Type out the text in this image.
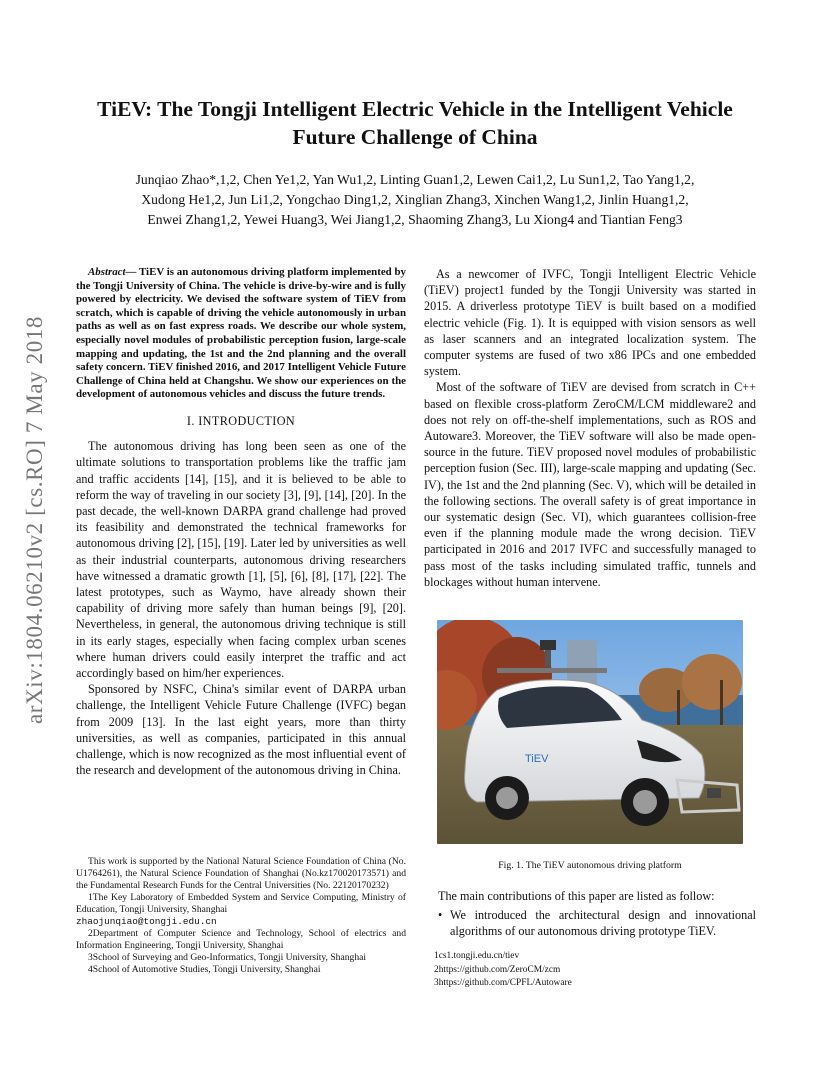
arXiv:1804.06210v2 [cs.RO] 7 May 2018
TiEV: The Tongji Intelligent Electric Vehicle in the Intelligent Vehicle Future Challenge of China
Junqiao Zhao*,1,2, Chen Ye1,2, Yan Wu1,2, Linting Guan1,2, Lewen Cai1,2, Lu Sun1,2, Tao Yang1,2,
Xudong He1,2, Jun Li1,2, Yongchao Ding1,2, Xinglian Zhang3, Xinchen Wang1,2, Jinlin Huang1,2,
Enwei Zhang1,2, Yewei Huang3, Wei Jiang1,2, Shaoming Zhang3, Lu Xiong4 and Tiantian Feng3

Abstract— TiEV is an autonomous driving platform implemented by the Tongji University of China. The vehicle is drive-by-wire and is fully powered by electricity. We devised the software system of TiEV from scratch, which is capable of driving the vehicle autonomously in urban paths as well as on fast express roads. We describe our whole system, especially novel modules of probabilistic perception fusion, large-scale mapping and updating, the 1st and the 2nd planning and the overall safety concern. TiEV finished 2016, and 2017 Intelligent Vehicle Future Challenge of China held at Changshu. We show our experiences on the development of autonomous vehicles and discuss the future trends.

I. INTRODUCTION

The autonomous driving has long been seen as one of the ultimate solutions to transportation problems like the traffic jam and traffic accidents [14], [15], and it is believed to be able to reform the way of traveling in our society [3], [9], [14], [20]. In the past decade, the well-known DARPA grand challenge had proved its feasibility and demonstrated the technical frameworks for autonomous driving [2], [15], [19]. Later led by universities as well as their industrial counterparts, autonomous driving researchers have witnessed a dramatic growth [1], [5], [6], [8], [17], [22]. The latest prototypes, such as Waymo, have already shown their capability of driving more safely than human beings [9], [20]. Nevertheless, in general, the autonomous driving technique is still in its early stages, especially when facing complex urban scenes where human drivers could easily interpret the traffic and act accordingly based on him/her experiences.

Sponsored by NSFC, China's similar event of DARPA urban challenge, the Intelligent Vehicle Future Challenge (IVFC) began from 2009 [13]. In the last eight years, more than thirty universities, as well as companies, participated in this annual challenge, which is now recognized as the most influential event of the research and development of the autonomous driving in China.

This work is supported by the National Natural Science Foundation of China (No. U1764261), the Natural Science Foundation of Shanghai (No.kz170020173571) and the Fundamental Research Funds for the Central Universities (No. 22120170232)

1The Key Laboratory of Embedded System and Service Computing, Ministry of Education, Tongji University, Shanghai

zhaojunqiao@tongji.edu.cn

2Department of Computer Science and Technology, School of electrics and Information Engineering, Tongji University, Shanghai

3School of Surveying and Geo-Informatics, Tongji University, Shanghai

4School of Automotive Studies, Tongji University, Shanghai

As a newcomer of IVFC, Tongji Intelligent Electric Vehicle (TiEV) project1 funded by the Tongji University was started in 2015. A driverless prototype TiEV is built based on a modified electric vehicle (Fig. 1). It is equipped with vision sensors as well as laser scanners and an integrated localization system. The computer systems are fused of two x86 IPCs and one embedded system.

Most of the software of TiEV are devised from scratch in C++ based on flexible cross-platform ZeroCM/LCM middleware2 and does not rely on off-the-shelf implementations, such as ROS and Autoware3. Moreover, the TiEV software will also be made open-source in the future. TiEV proposed novel modules of probabilistic perception fusion (Sec. III), large-scale mapping and updating (Sec. IV), the 1st and the 2nd planning (Sec. V), which will be detailed in the following sections. The overall safety is of great importance in our systematic design (Sec. VI), which guarantees collision-free even if the planning module made the wrong decision. TiEV participated in 2016 and 2017 IVFC and successfully managed to pass most of the tasks including simulated traffic, tunnels and blockages without human intervene.

TiEV
Fig. 1. The TiEV autonomous driving platform

The main contributions of this paper are listed as follow:

• We introduced the architectural design and innovational algorithms of our autonomous driving prototype TiEV.
1cs1.tongji.edu.cn/tiev
2https://github.com/ZeroCM/zcm
3https://github.com/CPFL/Autoware
